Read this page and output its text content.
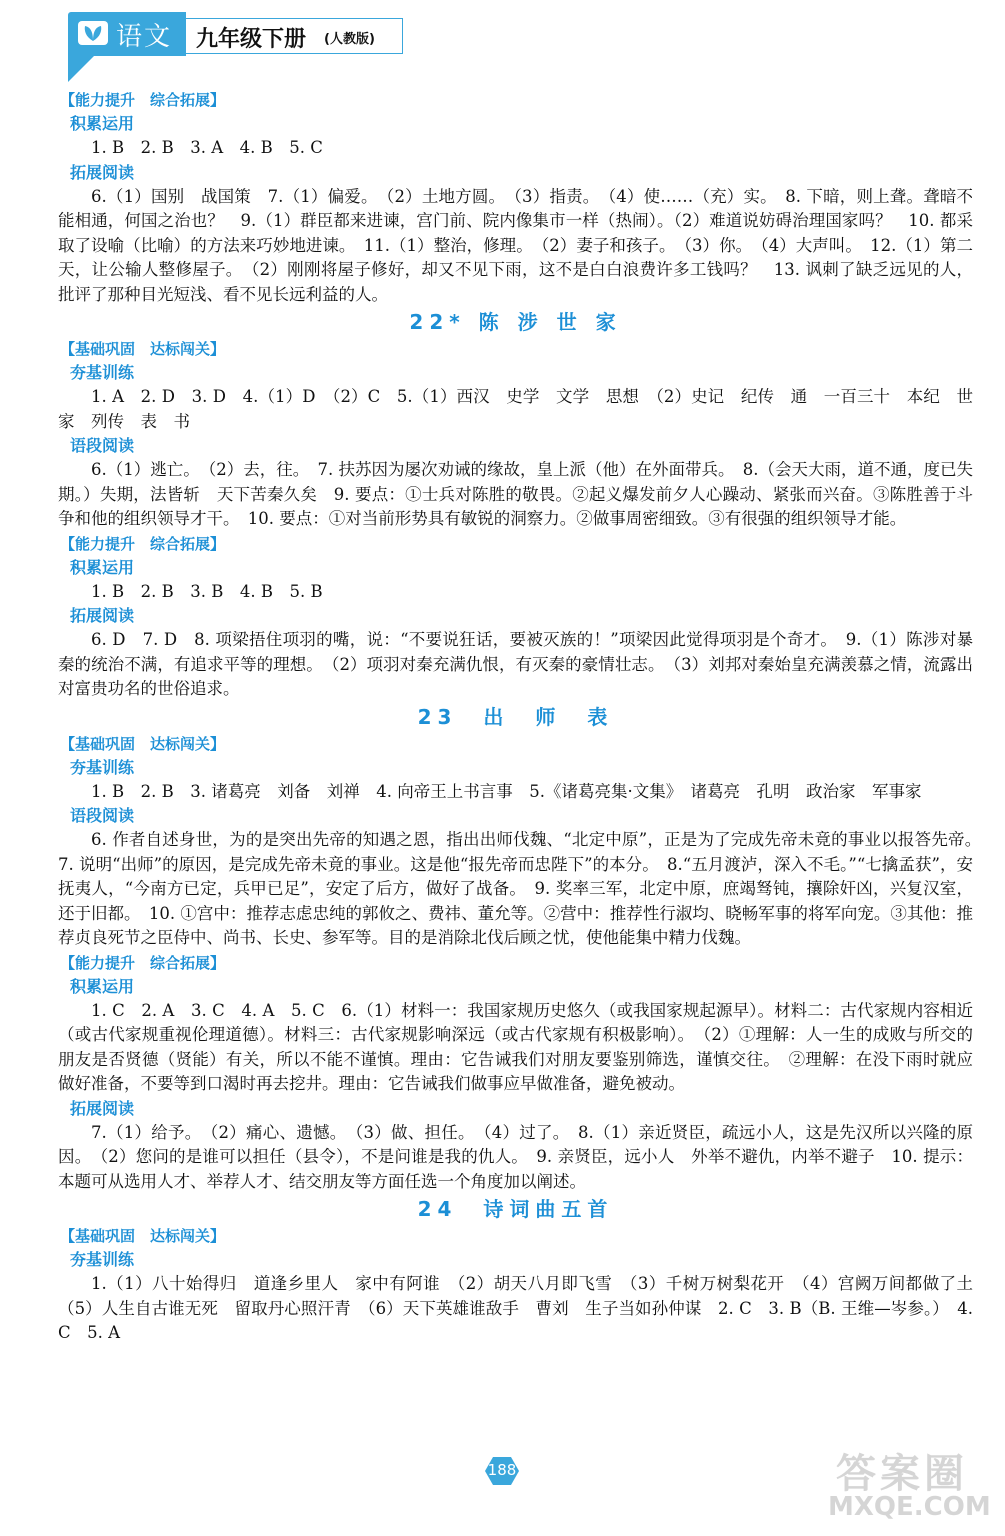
语文 九年级下册 (人教版)
【能力提升　综合拓展】
积累运用

1. B　2. B　3. A　4. B　5. C

拓展阅读

6.（1）国别　战国策　7.（1）偏爱。　（2）土地方圆。　（3）指责。　（4）使……（充）实。　8. 下暗，则上聋。聋暗不能相通，何国之治也？　9.（1）群臣都来进谏，宫门前、院内像集市一样（热闹）。（2）难道说妨碍治理国家吗？　10. 都采取了设喻（比喻）的方法来巧妙地进谏。　11.（1）整治，修理。　（2）妻子和孩子。　（3）你。　（4）大声叫。　12.（1）第二天，让公输人整修屋子。　（2）刚刚将屋子修好，却又不见下雨，这不是白白浪费许多工钱吗？　13. 讽刺了缺乏远见的人，批评了那种目光短浅、看不见长远利益的人。

22* 陈 涉 世 家
【基础巩固　达标闯关】
夯基训练

1. A　2. D　3. D　4.（1）D　（2）C　5.（1）西汉　史学　文学　思想　（2）史记　纪传　通　一百三十　本纪　世家　列传　表　书

语段阅读

6.（1）逃亡。　（2）去，往。　7. 扶苏因为屡次劝诫的缘故，皇上派（他）在外面带兵。　8.（会天大雨，道不通，度已失期。）失期，法皆斩　天下苦秦久矣　9. 要点：①士兵对陈胜的敬畏。②起义爆发前夕人心躁动、紧张而兴奋。③陈胜善于斗争和他的组织领导才干。　10. 要点：①对当前形势具有敏锐的洞察力。②做事周密细致。③有很强的组织领导才能。

【能力提升　综合拓展】
积累运用

1. B　2. B　3. B　4. B　5. B

拓展阅读

6. D　7. D　8. 项梁捂住项羽的嘴，说：“不要说狂话，要被灭族的！”项梁因此觉得项羽是个奇才。　9.（1）陈涉对暴秦的统治不满，有追求平等的理想。　（2）项羽对秦充满仇恨，有灭秦的豪情壮志。　（3）刘邦对秦始皇充满羡慕之情，流露出对富贵功名的世俗追求。

23　出　师　表
【基础巩固　达标闯关】
夯基训练

1. B　2. B　3. 诸葛亮　刘备　刘禅　4. 向帝王上书言事　5.《诸葛亮集·文集》　诸葛亮　孔明　政治家　军事家

语段阅读

6. 作者自述身世，为的是突出先帝的知遇之恩，指出出师伐魏、“北定中原”，正是为了完成先帝未竟的事业以报答先帝。　7. 说明“出师”的原因，是完成先帝未竟的事业。这是他“报先帝而忠陛下”的本分。　8.“五月渡泸，深入不毛。”“七擒孟获”，安抚夷人，“今南方已定，兵甲已足”，安定了后方，做好了战备。　9. 奖率三军，北定中原，庶竭驽钝，攘除奸凶，兴复汉室，还于旧都。　10. ①宫中：推荐志虑忠纯的郭攸之、费祎、董允等。②营中：推荐性行淑均、晓畅军事的将军向宠。③其他：推荐贞良死节之臣侍中、尚书、长史、参军等。目的是消除北伐后顾之忧，使他能集中精力伐魏。

【能力提升　综合拓展】
积累运用

1. C　2. A　3. C　4. A　5. C　6.（1）材料一：我国家规历史悠久（或我国家规起源早）。材料二：古代家规内容相近（或古代家规重视伦理道德）。材料三：古代家规影响深远（或古代家规有积极影响）。　（2）①理解：人一生的成败与所交的朋友是否贤德（贤能）有关，所以不能不谨慎。理由：它告诫我们对朋友要鉴别筛选，谨慎交往。　②理解：在没下雨时就应做好准备，不要等到口渴时再去挖井。理由：它告诫我们做事应早做准备，避免被动。

拓展阅读

7.（1）给予。　（2）痛心、遗憾。　（3）做、担任。　（4）过了。　8.（1）亲近贤臣，疏远小人，这是先汉所以兴隆的原因。　（2）您问的是谁可以担任（县令），不是问谁是我的仇人。　9. 亲贤臣，远小人　外举不避仇，内举不避子　10. 提示：本题可从选用人才、举荐人才、结交朋友等方面任选一个角度加以阐述。

24　诗词曲五首
【基础巩固　达标闯关】
夯基训练

1.（1）八十始得归　道逢乡里人　家中有阿谁　（2）胡天八月即飞雪　（3）千树万树梨花开　（4）宫阙万间都做了土　（5）人生自古谁无死　留取丹心照汗青　（6）天下英雄谁敌手　曹刘　生子当如孙仲谋　2. C　3. B（B. 王维—岑参。）　4. C　5. A

188	答案圈
MXQE.COM
